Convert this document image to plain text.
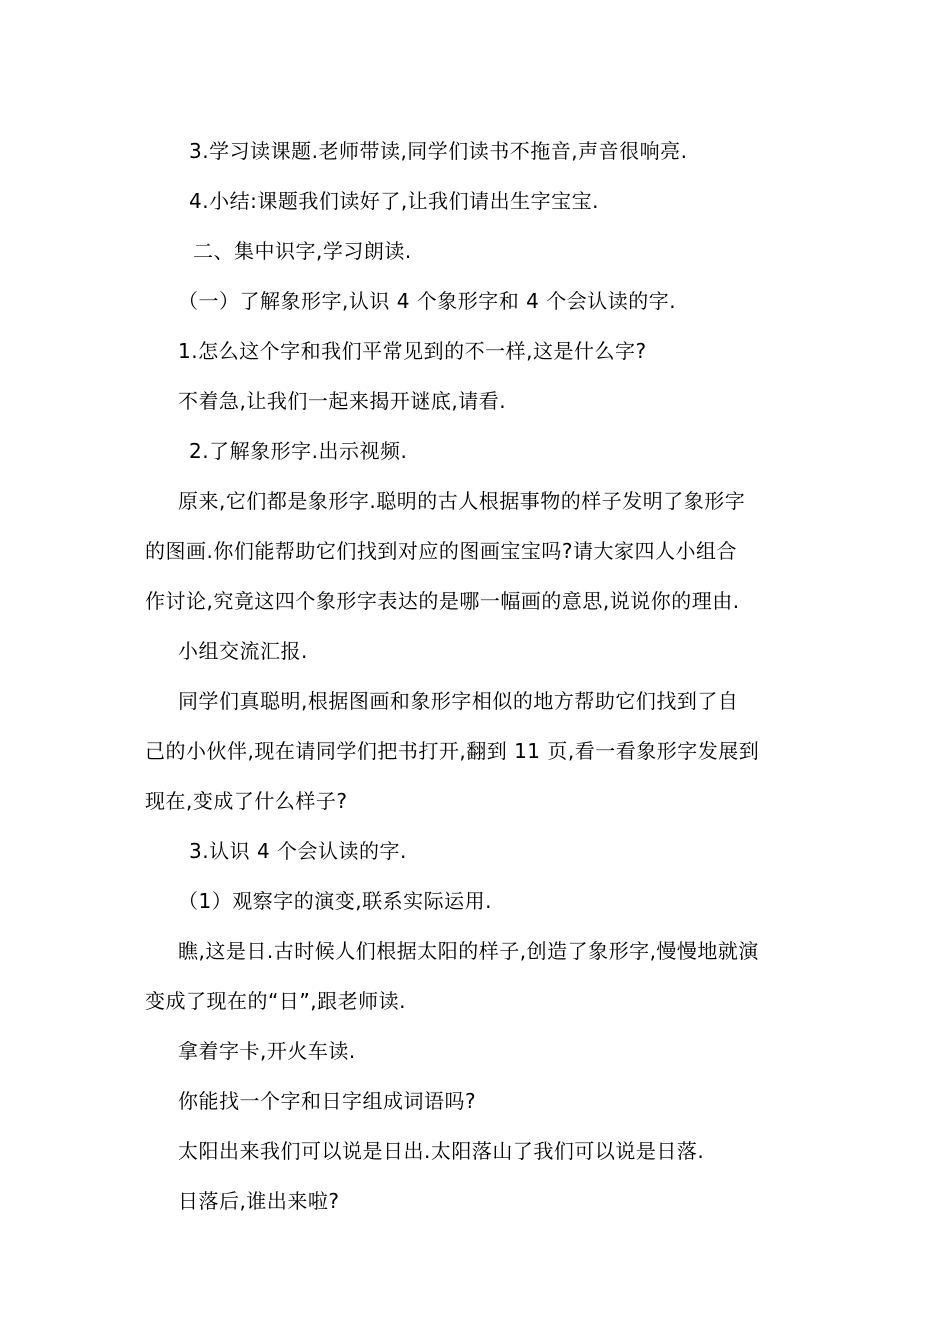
3.学习读课题.老师带读,同学们读书不拖音,声音很响亮.
4.小结:课题我们读好了,让我们请出生字宝宝.
二、集中识字,学习朗读.
（一）了解象形字,认识 4 个象形字和 4 个会认读的字.
1.怎么这个字和我们平常见到的不一样,这是什么字?
不着急,让我们一起来揭开谜底,请看.
2.了解象形字.出示视频.
原来,它们都是象形字.聪明的古人根据事物的样子发明了象形字
的图画.你们能帮助它们找到对应的图画宝宝吗?请大家四人小组合
作讨论,究竟这四个象形字表达的是哪一幅画的意思,说说你的理由.
小组交流汇报.
同学们真聪明,根据图画和象形字相似的地方帮助它们找到了自
己的小伙伴,现在请同学们把书打开,翻到 11 页,看一看象形字发展到
现在,变成了什么样子?
3.认识 4 个会认读的字.
（1）观察字的演变,联系实际运用.
瞧,这是日.古时候人们根据太阳的样子,创造了象形字,慢慢地就演
变成了现在的“日”,跟老师读.
拿着字卡,开火车读.
你能找一个字和日字组成词语吗?
太阳出来我们可以说是日出.太阳落山了我们可以说是日落.
日落后,谁出来啦?
